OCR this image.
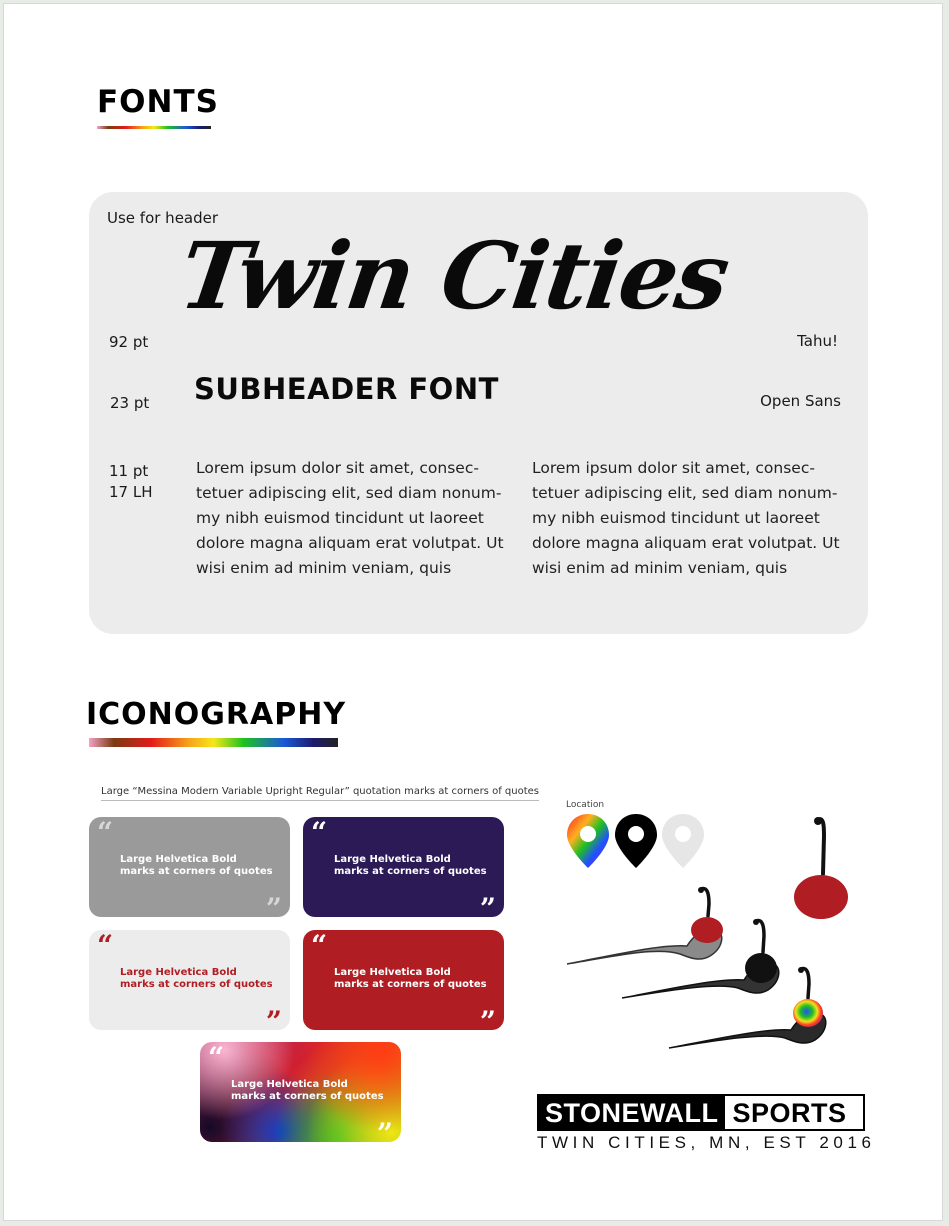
FONTS
Use for header
Twin Cities
92 pt	Tahu!
SUBHEADER FONT
23 pt	Open Sans
11 pt
17 LH
Lorem ipsum dolor sit amet, consec-tetuer adipiscing elit, sed diam nonum-my nibh euismod tincidunt ut laoreet dolore magna aliquam erat volutpat. Ut wisi enim ad minim veniam, quis
Lorem ipsum dolor sit amet, consec-tetuer adipiscing elit, sed diam nonum-my nibh euismod tincidunt ut laoreet dolore magna aliquam erat volutpat. Ut wisi enim ad minim veniam, quis
ICONOGRAPHY
Large “Messina Modern Variable Upright Regular” quotation marks at corners of quotes
“
Large Helvetica Bold
marks at corners of quotes
”
“
Large Helvetica Bold
marks at corners of quotes
”
“
Large Helvetica Bold
marks at corners of quotes
”
“
Large Helvetica Bold
marks at corners of quotes
”
“
Large Helvetica Bold
marks at corners of quotes
”
Location
STONEWALL SPORTS
TWIN CITIES, MN, EST 2016
